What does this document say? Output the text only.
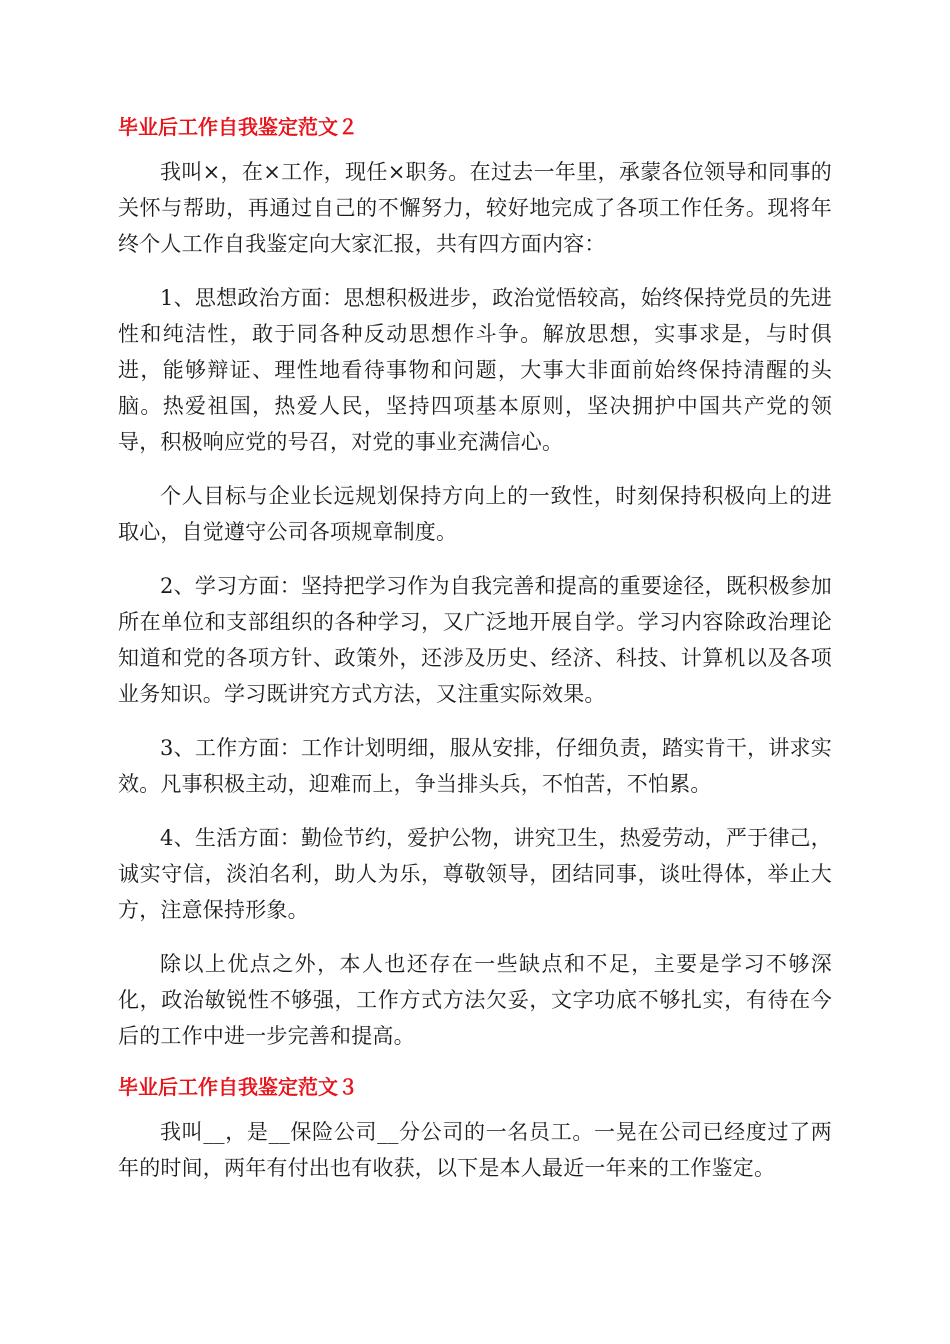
毕业后工作自我鉴定范文２

我叫×，在×工作，现任×职务。在过去一年里，承蒙各位领导和同事的关怀与帮助，再通过自己的不懈努力，较好地完成了各项工作任务。现将年终个人工作自我鉴定向大家汇报，共有四方面内容：

1、思想政治方面：思想积极进步，政治觉悟较高，始终保持党员的先进性和纯洁性，敢于同各种反动思想作斗争。解放思想，实事求是，与时俱进，能够辩证、理性地看待事物和问题，大事大非面前始终保持清醒的头脑。热爱祖国，热爱人民，坚持四项基本原则，坚决拥护中国共产党的领导，积极响应党的号召，对党的事业充满信心。

个人目标与企业长远规划保持方向上的一致性，时刻保持积极向上的进取心，自觉遵守公司各项规章制度。

2、学习方面：坚持把学习作为自我完善和提高的重要途径，既积极参加所在单位和支部组织的各种学习，又广泛地开展自学。学习内容除政治理论知道和党的各项方针、政策外，还涉及历史、经济、科技、计算机以及各项业务知识。学习既讲究方式方法，又注重实际效果。

3、工作方面：工作计划明细，服从安排，仔细负责，踏实肯干，讲求实效。凡事积极主动，迎难而上，争当排头兵，不怕苦，不怕累。

4、生活方面：勤俭节约，爱护公物，讲究卫生，热爱劳动，严于律己，诚实守信，淡泊名利，助人为乐，尊敬领导，团结同事，谈吐得体，举止大方，注意保持形象。

除以上优点之外，本人也还存在一些缺点和不足，主要是学习不够深化，政治敏锐性不够强，工作方式方法欠妥，文字功底不够扎实，有待在今后的工作中进一步完善和提高。

毕业后工作自我鉴定范文３

我叫__，是__保险公司__分公司的一名员工。一晃在公司已经度过了两年的时间，两年有付出也有收获，以下是本人最近一年来的工作鉴定。
